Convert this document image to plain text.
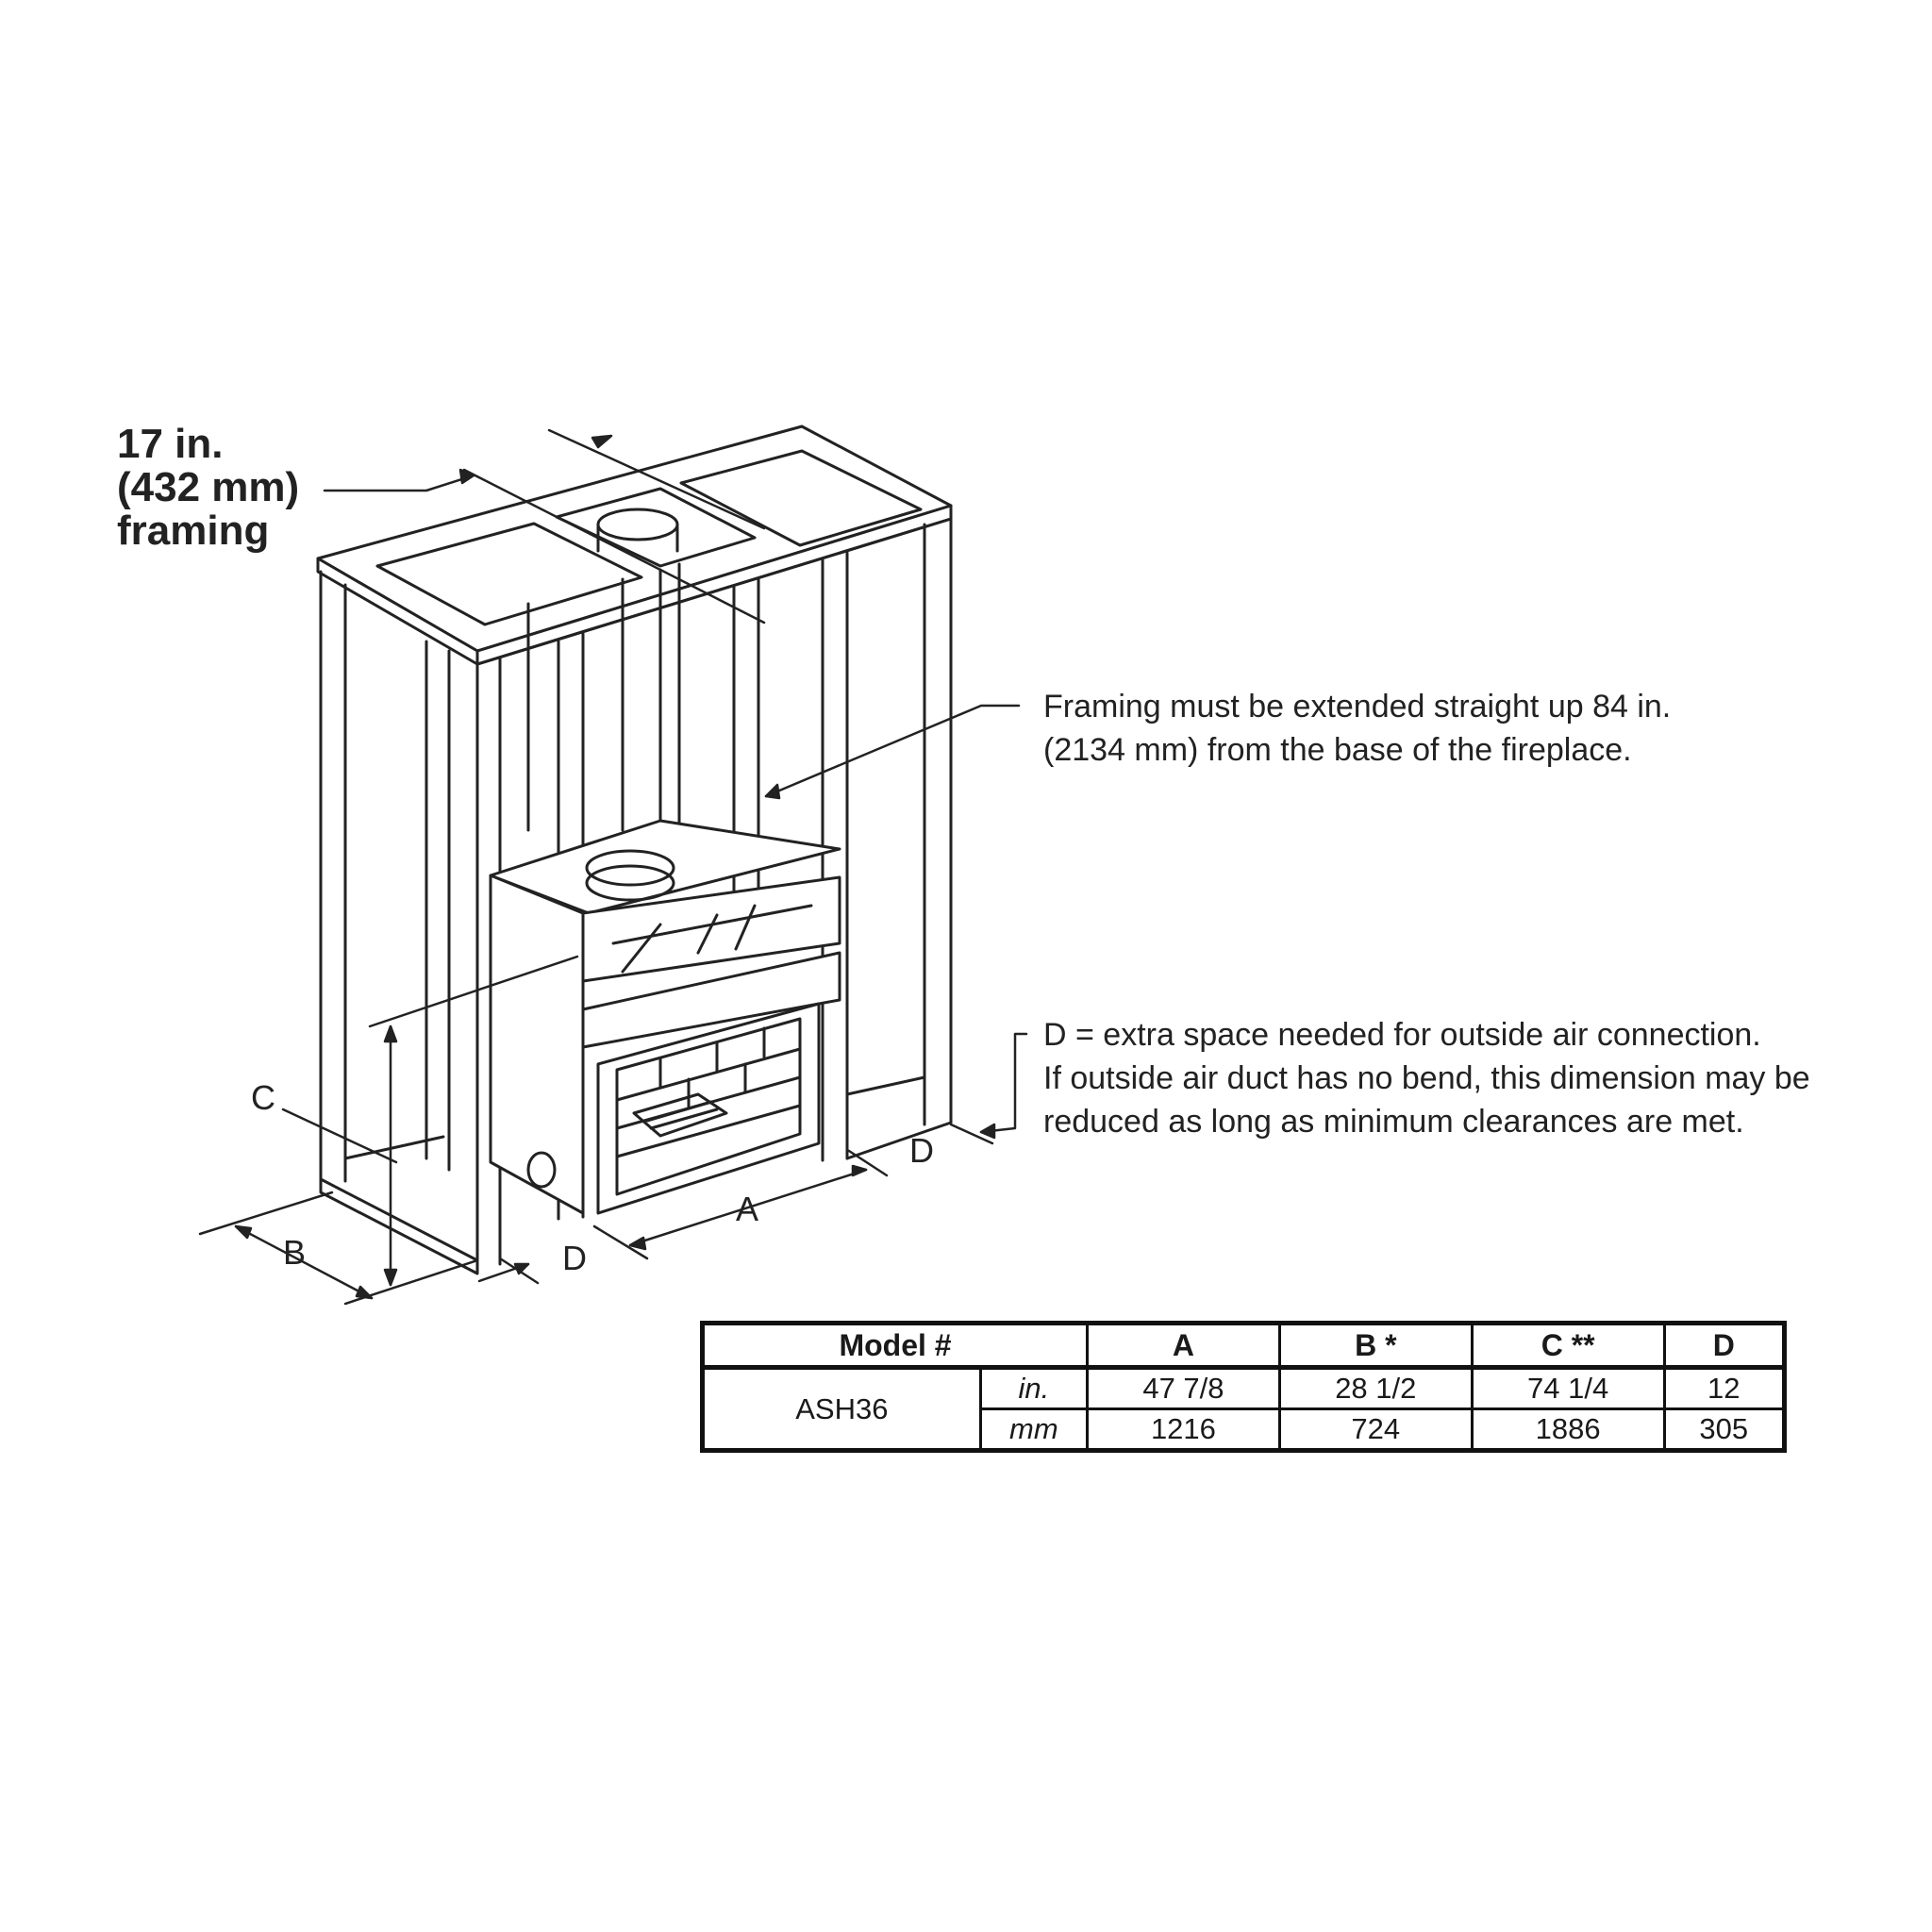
C
B	D
A
D
17 in.
(432 mm)
framing
Framing must be extended straight up 84 in.
(2134 mm) from the base of the fireplace.
D = extra space needed for outside air connection.
If outside air duct has no bend, this dimension may be
reduced as long as minimum clearances are met.
Model #		A	B *	C **	D
ASH36	in.	47 7/8	28 1/2	74 1/4	12
	mm	1216	724	1886	305
